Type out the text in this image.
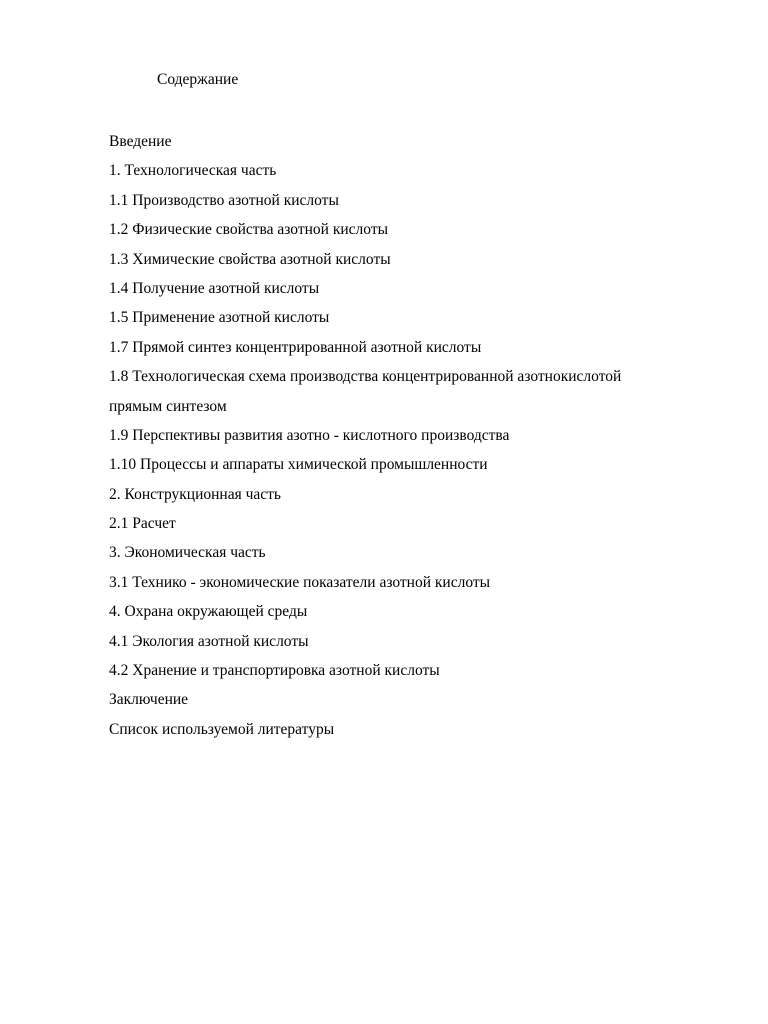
Содержание
Введение
1. Технологическая часть
1.1 Производство азотной кислоты
1.2 Физические свойства азотной кислоты
1.3 Химические свойства азотной кислоты
1.4 Получение азотной кислоты
1.5 Применение азотной кислоты
1.7 Прямой синтез концентрированной азотной кислоты
1.8 Технологическая схема производства концентрированной азотнокислотой
прямым синтезом
1.9 Перспективы развития азотно - кислотного производства
1.10 Процессы и аппараты химической промышленности
2. Конструкционная часть
2.1 Расчет
3. Экономическая часть
3.1 Технико - экономические показатели азотной кислоты
4. Охрана окружающей среды
4.1 Экология азотной кислоты
4.2 Хранение и транспортировка азотной кислоты
Заключение
Список используемой литературы
